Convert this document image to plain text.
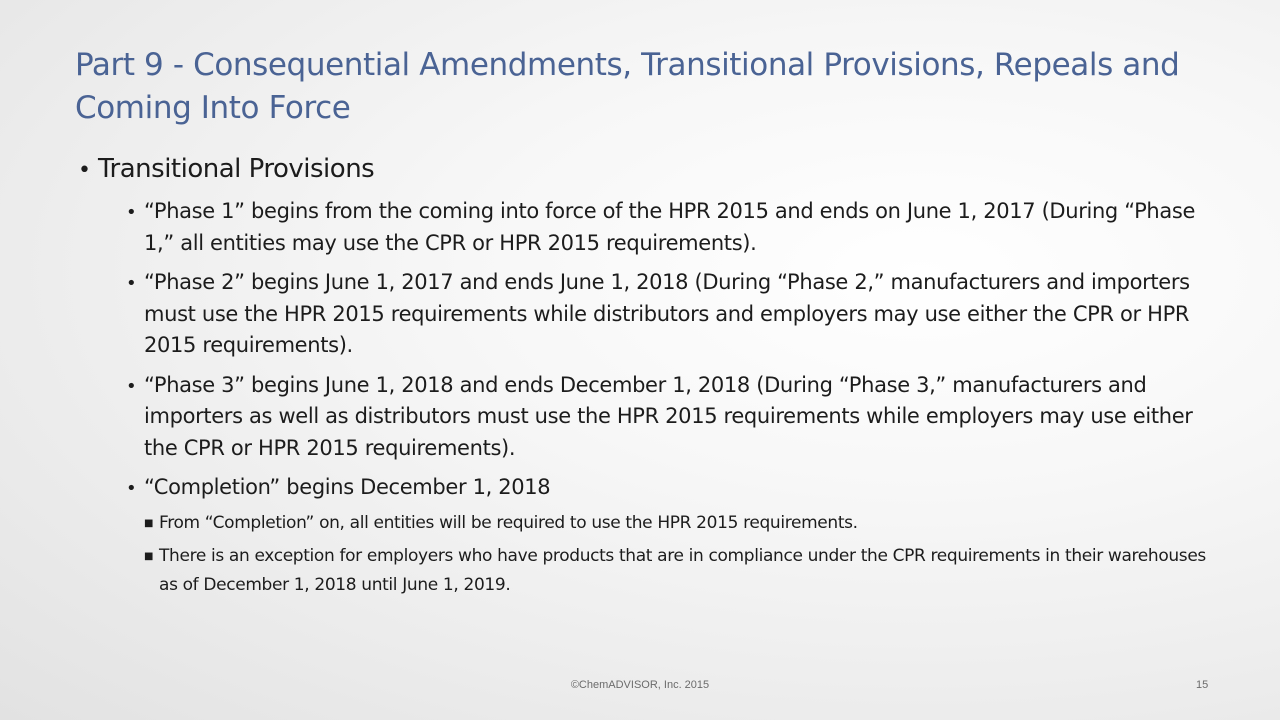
Part 9 - Consequential Amendments, Transitional Provisions, Repeals and Coming Into Force
• Transitional Provisions
• “Phase 1” begins from the coming into force of the HPR 2015 and ends on June 1, 2017 (During “Phase 1,” all entities may use the CPR or HPR 2015 requirements).
• “Phase 2” begins June 1, 2017 and ends June 1, 2018 (During “Phase 2,” manufacturers and importers must use the HPR 2015 requirements while distributors and employers may use either the CPR or HPR 2015 requirements).
• “Phase 3” begins June 1, 2018 and ends December 1, 2018 (During “Phase 3,” manufacturers and importers as well as distributors must use the HPR 2015 requirements while employers may use either the CPR or HPR 2015 requirements).
• “Completion” begins December 1, 2018
■ From “Completion” on, all entities will be required to use the HPR 2015 requirements.
■ There is an exception for employers who have products that are in compliance under the CPR requirements in their warehouses as of December 1, 2018 until June 1, 2019.
©ChemADVISOR, Inc. 2015	15
